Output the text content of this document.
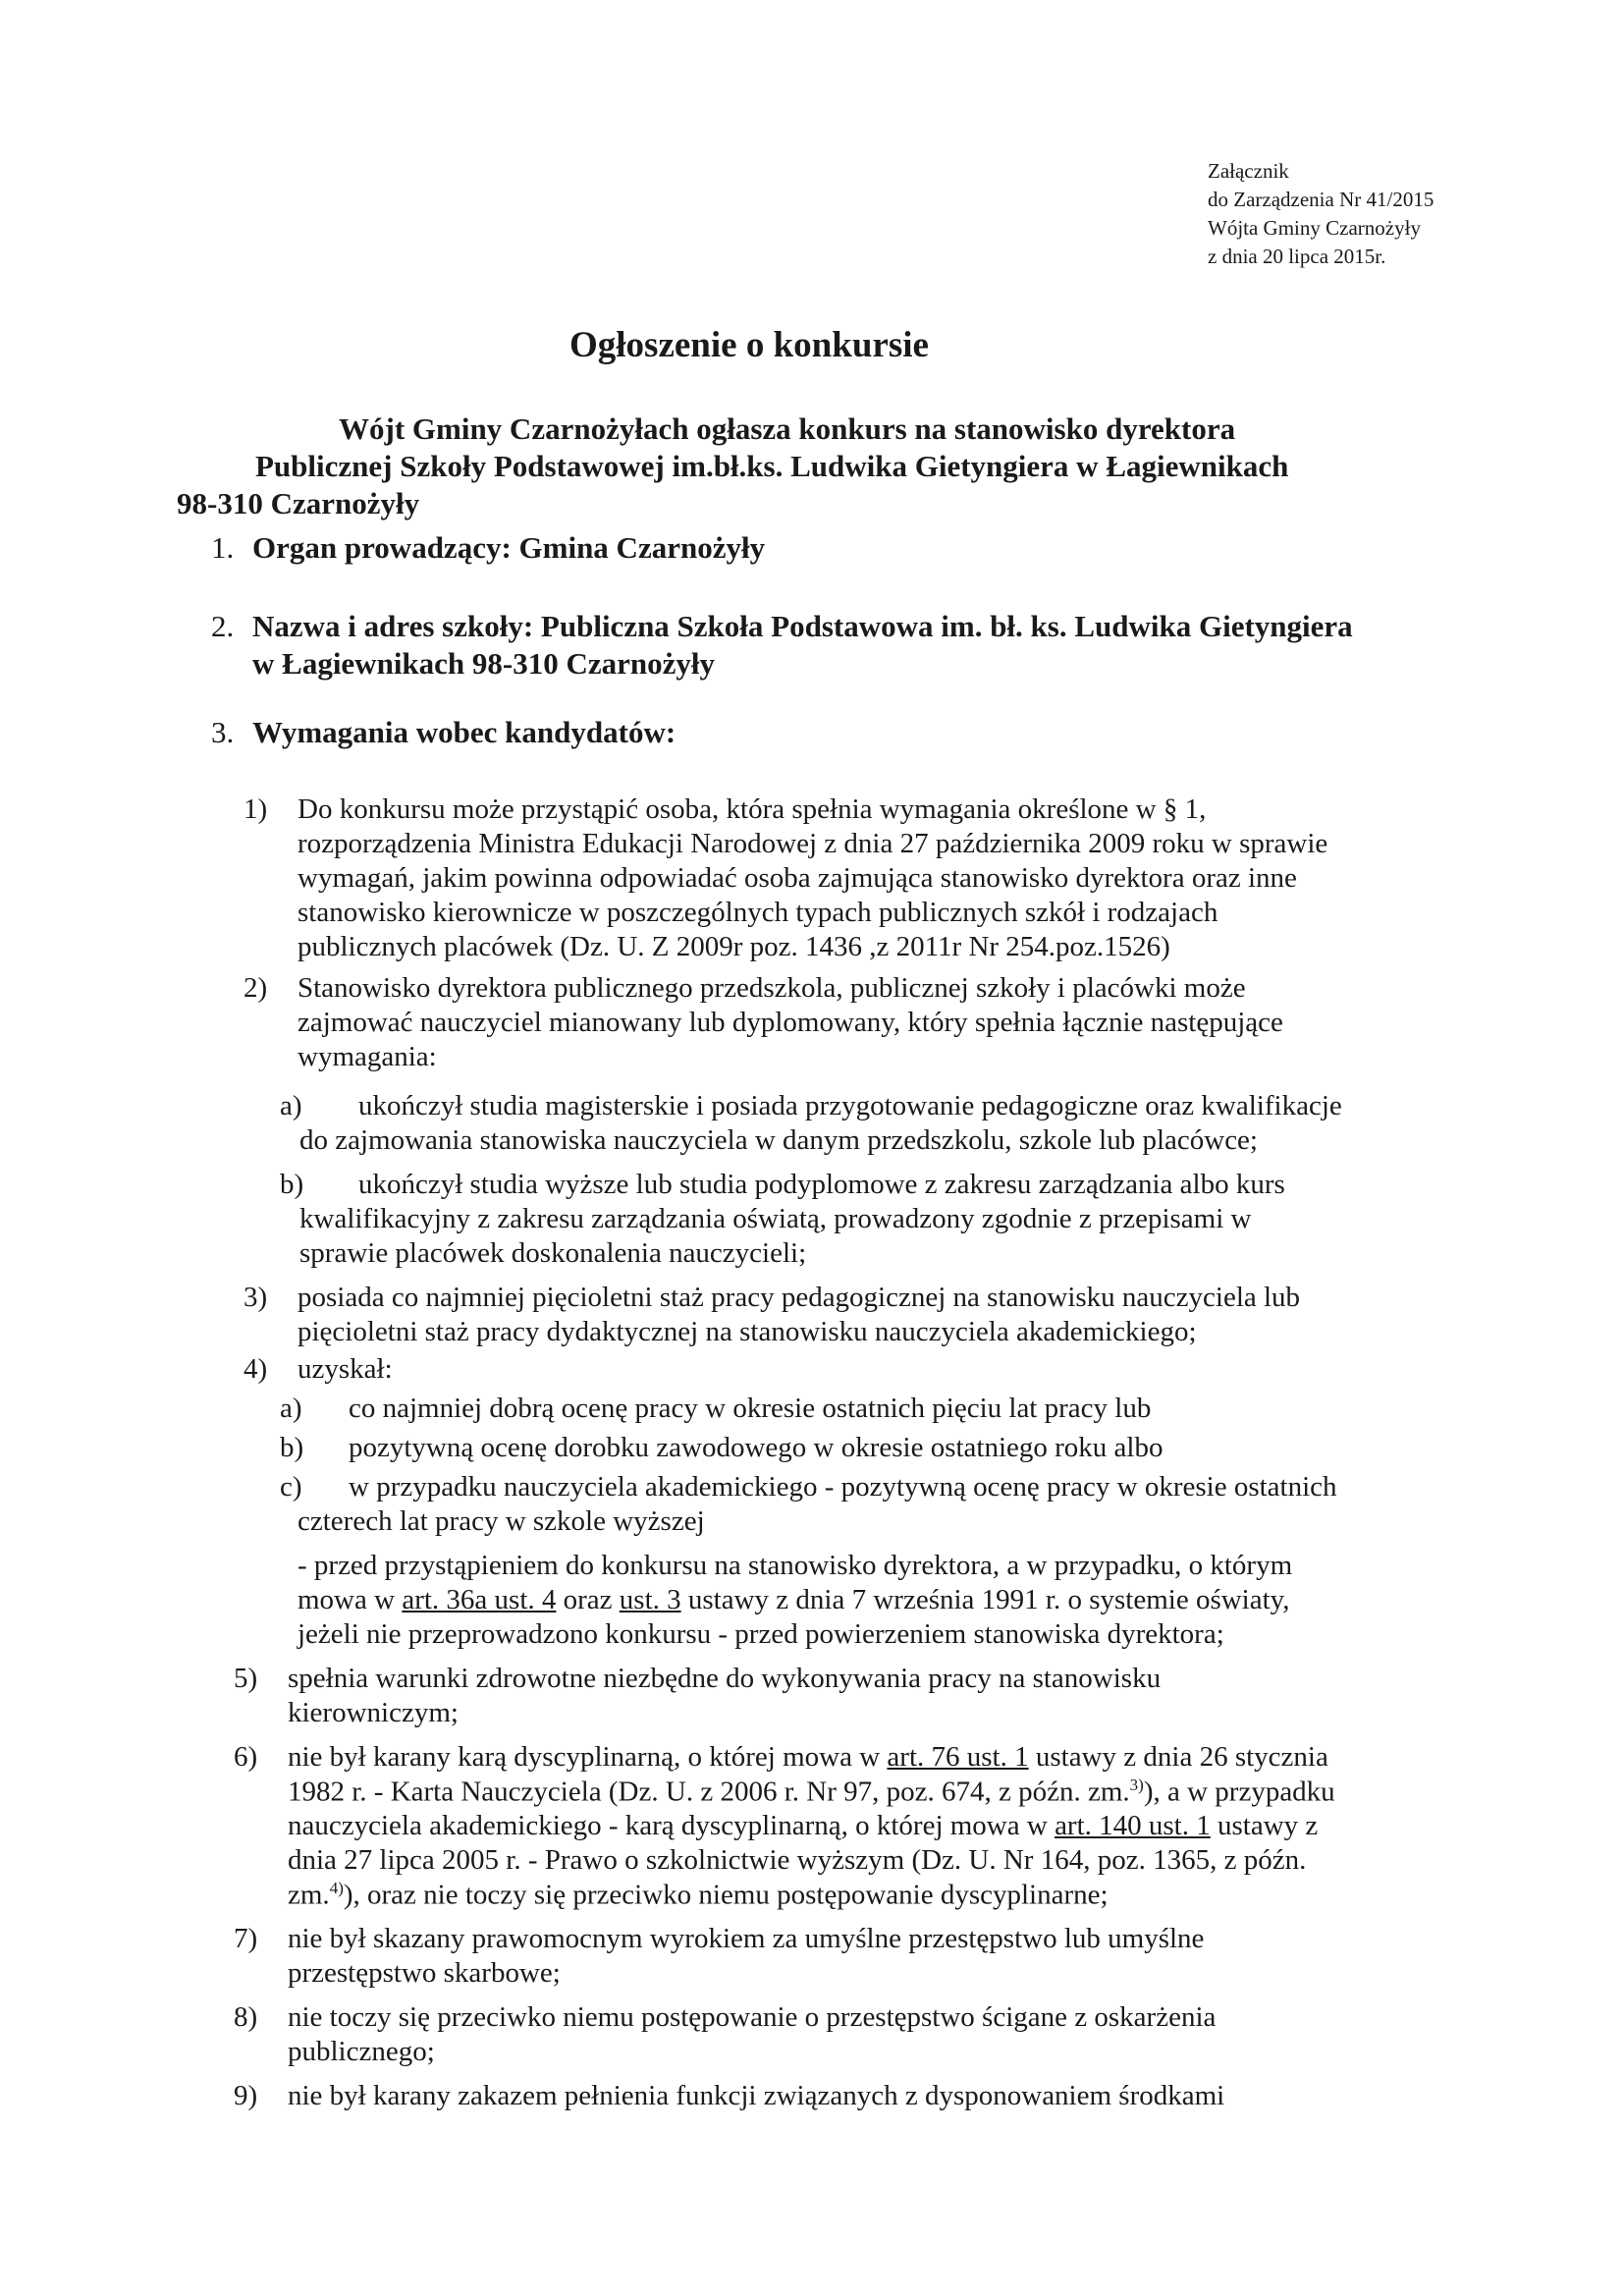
Załącznik
do Zarządzenia Nr 41/2015
Wójta Gminy Czarnożyły
z dnia 20 lipca 2015r.
Ogłoszenie o konkursie
Wójt Gminy Czarnożyłach ogłasza konkurs na stanowisko dyrektora
Publicznej Szkoły Podstawowej im.bł.ks. Ludwika Gietyngiera w Łagiewnikach
98-310 Czarnożyły
1. Organ prowadzący: Gmina Czarnożyły
2. Nazwa i adres szkoły: Publiczna Szkoła Podstawowa im. bł. ks. Ludwika Gietyngiera
w Łagiewnikach 98-310 Czarnożyły
3. Wymagania wobec kandydatów:
1) Do konkursu może przystąpić osoba, która spełnia wymagania określone w § 1,
rozporządzenia Ministra Edukacji Narodowej z dnia 27 października 2009 roku w sprawie
wymagań, jakim powinna odpowiadać osoba zajmująca stanowisko dyrektora oraz inne
stanowisko kierownicze w poszczególnych typach publicznych szkół i rodzajach
publicznych placówek (Dz. U. Z 2009r poz. 1436 ,z 2011r Nr 254.poz.1526)
2) Stanowisko dyrektora publicznego przedszkola, publicznej szkoły i placówki może
zajmować nauczyciel mianowany lub dyplomowany, który spełnia łącznie następujące
wymagania:
a) ukończył studia magisterskie i posiada przygotowanie pedagogiczne oraz kwalifikacje
do zajmowania stanowiska nauczyciela w danym przedszkolu, szkole lub placówce;
b) ukończył studia wyższe lub studia podyplomowe z zakresu zarządzania albo kurs
kwalifikacyjny z zakresu zarządzania oświatą, prowadzony zgodnie z przepisami w
sprawie placówek doskonalenia nauczycieli;
3) posiada co najmniej pięcioletni staż pracy pedagogicznej na stanowisku nauczyciela lub
pięcioletni staż pracy dydaktycznej na stanowisku nauczyciela akademickiego;
4) uzyskał:
a) co najmniej dobrą ocenę pracy w okresie ostatnich pięciu lat pracy lub
b) pozytywną ocenę dorobku zawodowego w okresie ostatniego roku albo
c) w przypadku nauczyciela akademickiego - pozytywną ocenę pracy w okresie ostatnich
czterech lat pracy w szkole wyższej
- przed przystąpieniem do konkursu na stanowisko dyrektora, a w przypadku, o którym
mowa w art. 36a ust. 4 oraz ust. 3 ustawy z dnia 7 września 1991 r. o systemie oświaty,
jeżeli nie przeprowadzono konkursu - przed powierzeniem stanowiska dyrektora;
5) spełnia warunki zdrowotne niezbędne do wykonywania pracy na stanowisku
kierowniczym;
6) nie był karany karą dyscyplinarną, o której mowa w art. 76 ust. 1 ustawy z dnia 26 stycznia
1982 r. - Karta Nauczyciela (Dz. U. z 2006 r. Nr 97, poz. 674, z późn. zm.$^{3)}$), a w przypadku
nauczyciela akademickiego - karą dyscyplinarną, o której mowa w art. 140 ust. 1 ustawy z
dnia 27 lipca 2005 r. - Prawo o szkolnictwie wyższym (Dz. U. Nr 164, poz. 1365, z późn.
zm.$^{4)}$), oraz nie toczy się przeciwko niemu postępowanie dyscyplinarne;
7) nie był skazany prawomocnym wyrokiem za umyślne przestępstwo lub umyślne
przestępstwo skarbowe;
8) nie toczy się przeciwko niemu postępowanie o przestępstwo ścigane z oskarżenia
publicznego;
9) nie był karany zakazem pełnienia funkcji związanych z dysponowaniem środkami
